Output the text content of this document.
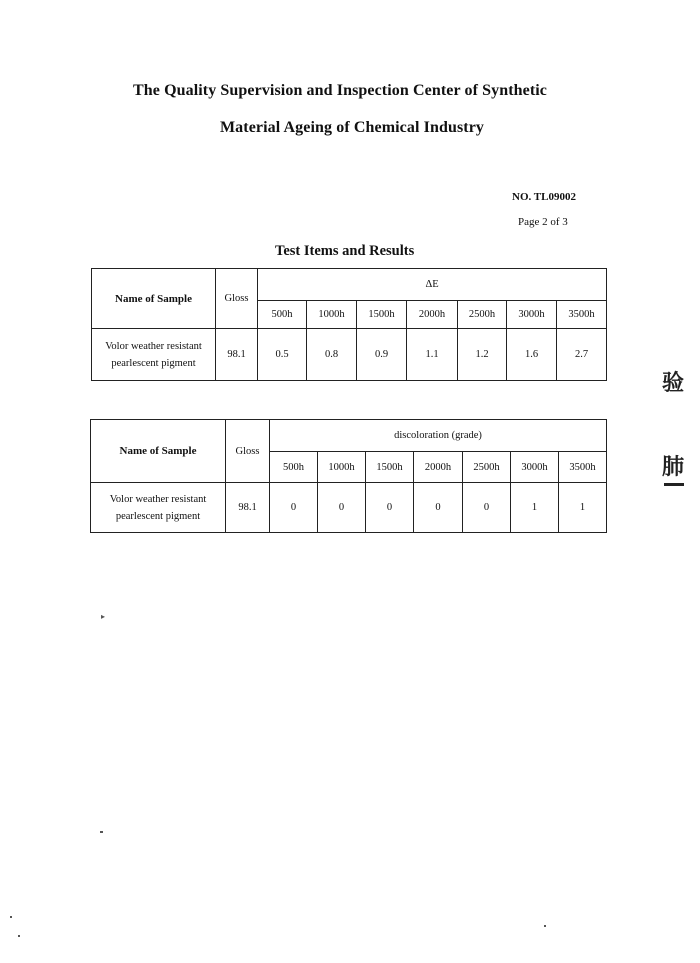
The Quality Supervision and Inspection Center of Synthetic
Material Ageing of Chemical Industry
NO. TL09002
Page 2 of 3
Test Items and Results
Name of Sample	Gloss	ΔE						
		500h	1000h	1500h	2000h	2500h	3000h	3500h

Volor weather resistant
pearlescent pigment	98.1	0.5	0.8	0.9	1.1	1.2	1.6	2.7
Name of Sample	Gloss	discoloration (grade)						
		500h	1000h	1500h	2000h	2500h	3000h	3500h

Volor weather resistant
pearlescent pigment	98.1	0	0	0	0	0	1	1
验
肺
▸
